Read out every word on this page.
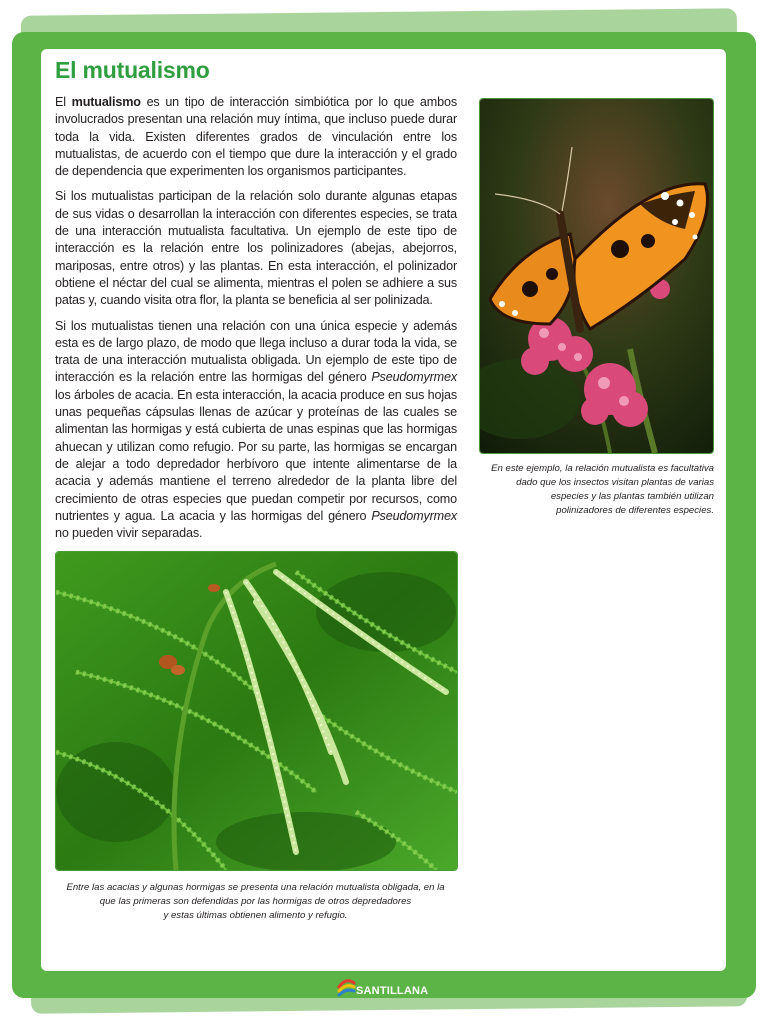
El mutualismo

El mutualismo es un tipo de interacción simbiótica por lo que ambos involucrados presentan una relación muy íntima, que incluso puede durar toda la vida. Existen diferentes grados de vinculación entre los mutualistas, de acuerdo con el tiempo que dure la interacción y el grado de dependencia que experimenten los organismos participantes.

Si los mutualistas participan de la relación solo durante algunas etapas de sus vidas o desarrollan la interacción con diferentes especies, se trata de una interacción mutualista facultativa. Un ejemplo de este tipo de interacción es la relación entre los polinizadores (abejas, abejorros, mariposas, entre otros) y las plantas. En esta interacción, el polinizador obtiene el néctar del cual se alimenta, mientras el polen se adhiere a sus patas y, cuando visita otra flor, la planta se beneficia al ser polinizada.

Si los mutualistas tienen una relación con una única especie y además esta es de largo plazo, de modo que llega incluso a durar toda la vida, se trata de una interacción mutualista obligada. Un ejemplo de este tipo de interacción es la relación entre las hormigas del género Pseudomyrmex los árboles de acacia. En esta interacción, la acacia produce en sus hojas unas pequeñas cápsulas llenas de azúcar y proteínas de las cuales se alimentan las hormigas y está cubierta de unas espinas que las hormigas ahuecan y utilizan como refugio. Por su parte, las hormigas se encargan de alejar a todo depredador herbívoro que intente alimentarse de la acacia y además mantiene el terreno alrededor de la planta libre del crecimiento de otras especies que puedan competir por recursos, como nutrientes y agua. La acacia y las hormigas del género Pseudomyrmex no pueden vivir separadas.

En este ejemplo, la relación mutualista es facultativa
dado que los insectos visitan plantas de varias
especies y las plantas también utilizan
polinizadores de diferentes especies.
Entre las acacias y algunas hormigas se presenta una relación mutualista obligada, en la
que las primeras son defendidas por las hormigas de otros depredadores
y estas últimas obtienen alimento y refugio.
SANTILLANA
